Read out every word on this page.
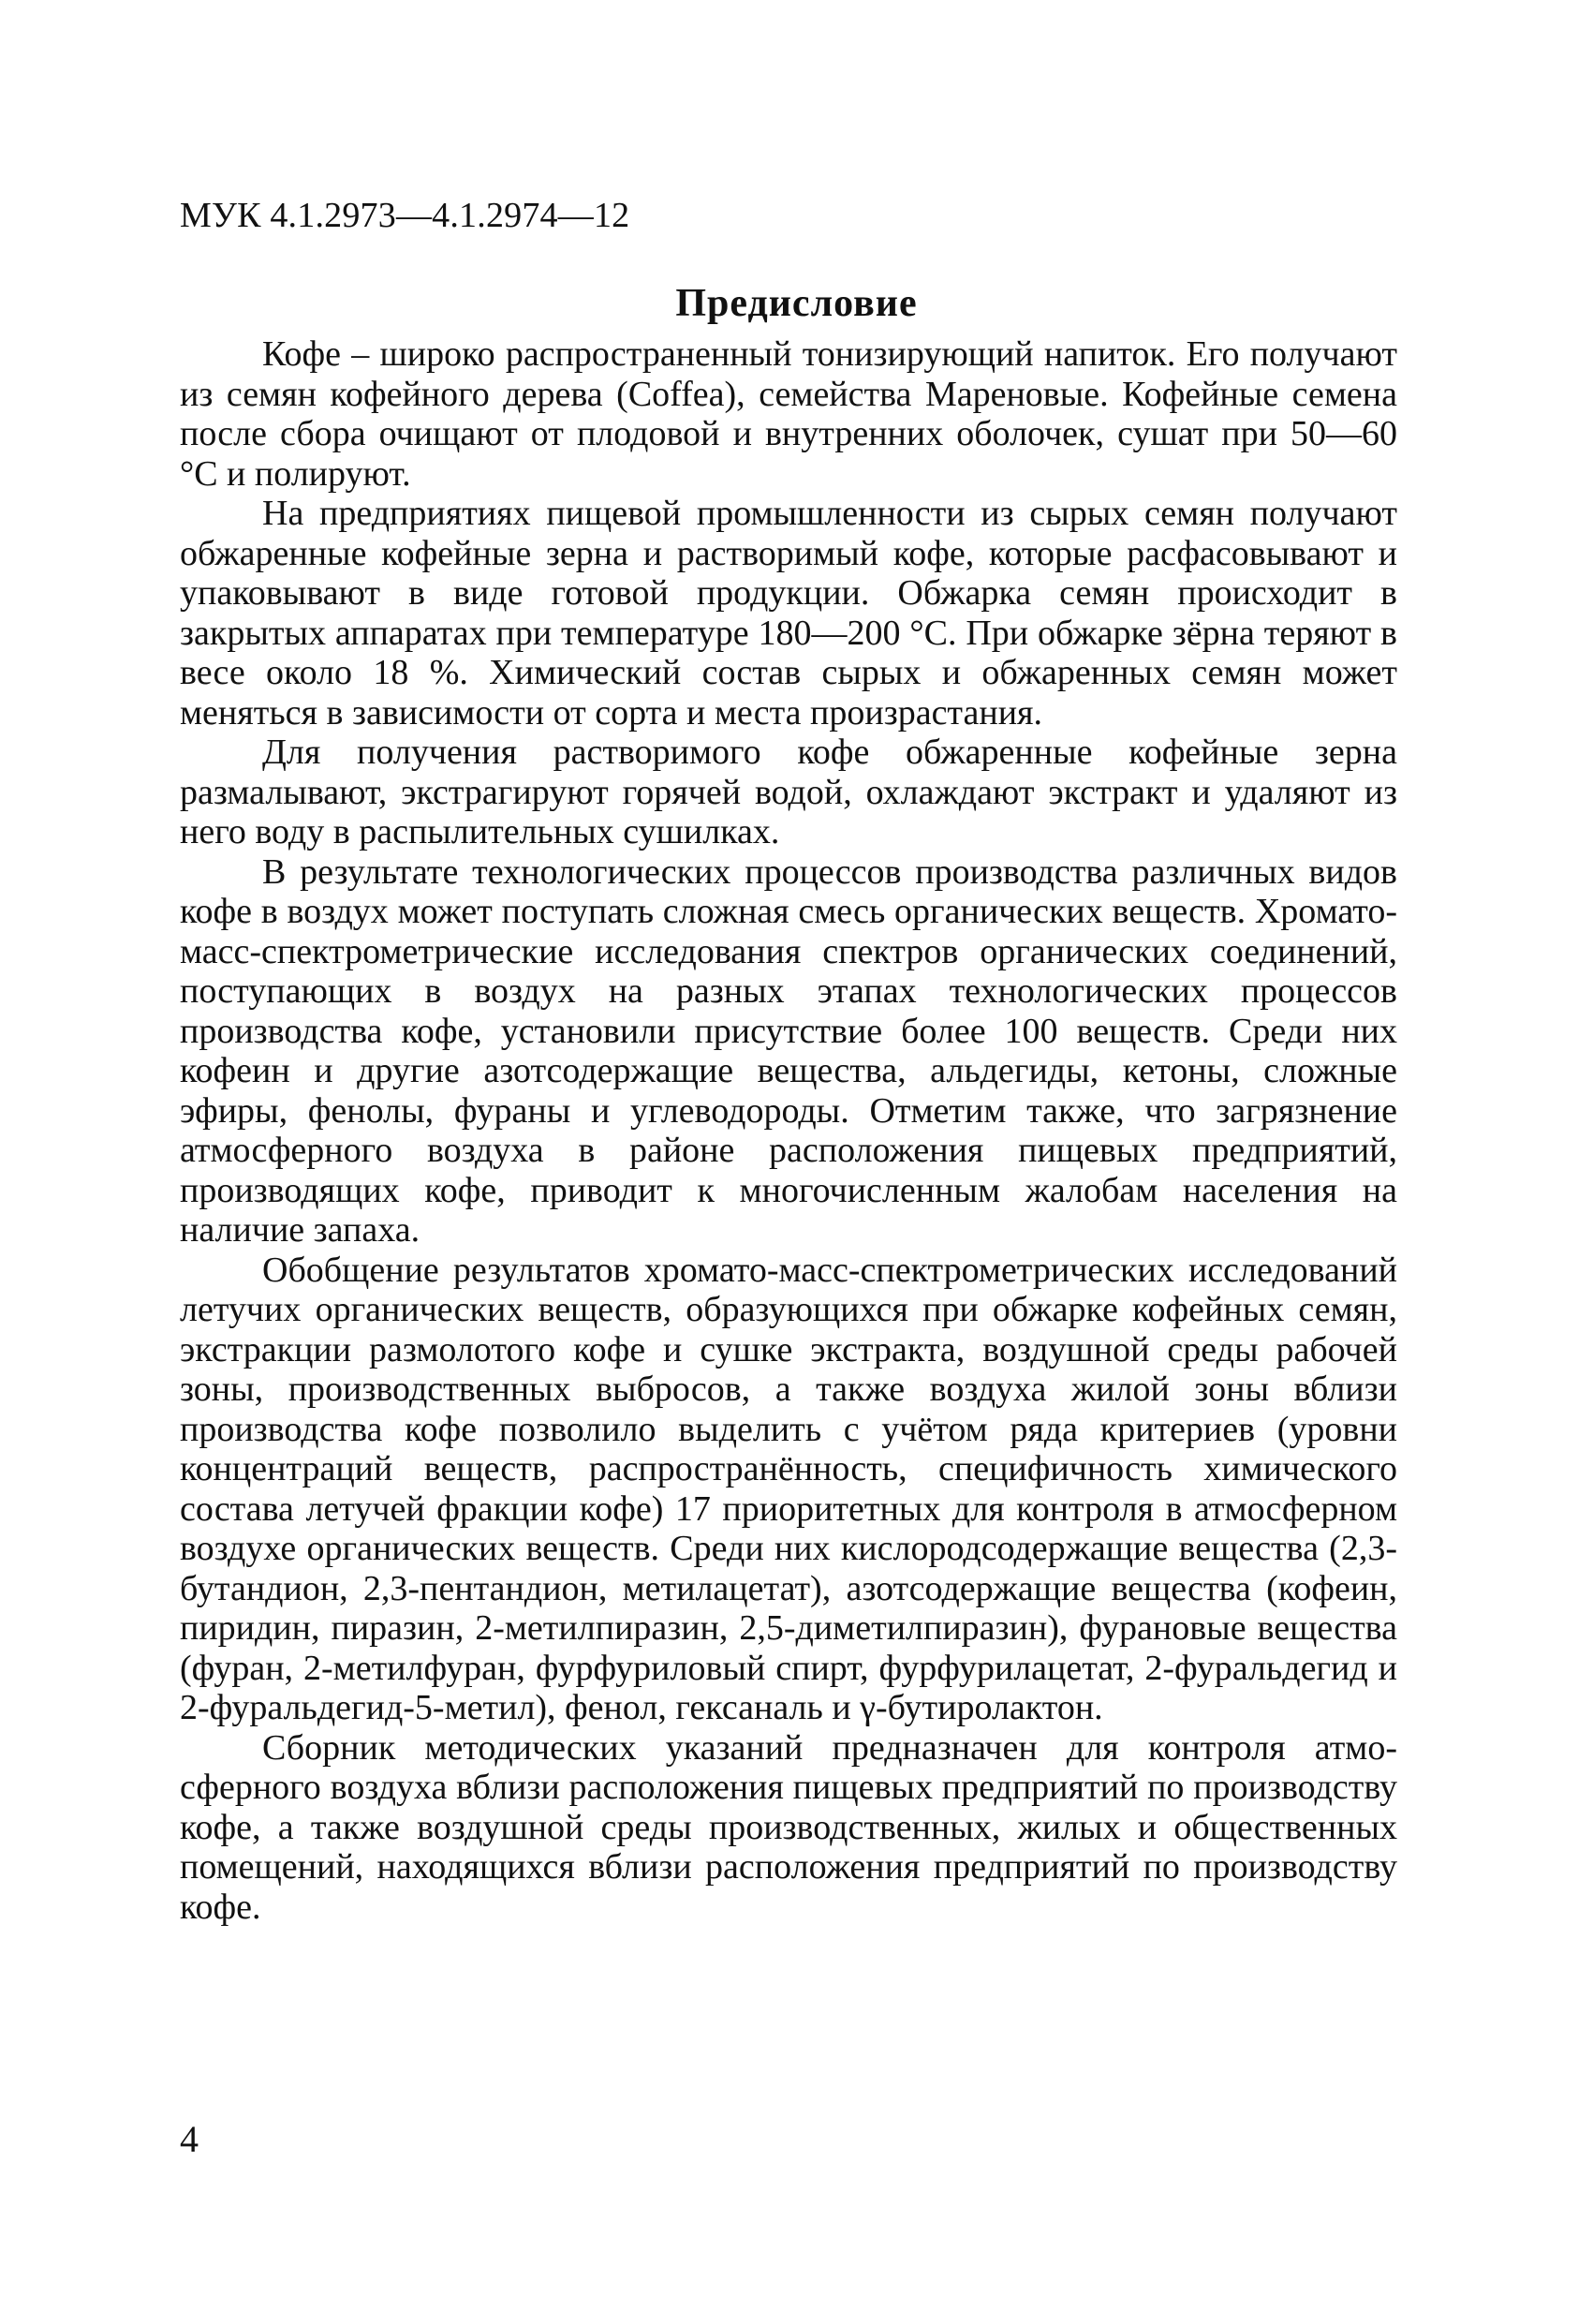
МУК 4.1.2973—4.1.2974—12
Предисловие

Кофе – широко распространенный тонизирующий напиток. Его получают из семян кофейного дерева (Coffea), семейства Мареновые. Кофейные семена после сбора очищают от плодовой и внутренних оболочек, сушат при 50—60 °С и полируют.

На предприятиях пищевой промышленности из сырых семян получают обжаренные кофейные зерна и растворимый кофе, которые расфасовывают и упаковывают в виде готовой продукции. Обжарка семян происходит в закрытых аппаратах при температуре 180—200 °С. При обжарке зёрна теряют в весе около 18 %. Химический состав сырых и обжаренных семян может меняться в зависимости от сорта и места произрастания.

Для получения растворимого кофе обжаренные кофейные зерна размалывают, экстрагируют горячей водой, охлаждают экстракт и удаляют из него воду в распылительных сушилках.

В результате технологических процессов производства различных видов кофе в воздух может поступать сложная смесь органических веществ. Хромато-масс-спектрометрические исследования спектров органических соединений, поступающих в воздух на разных этапах технологических процессов производства кофе, установили присутствие более 100 веществ. Среди них кофеин и другие азотсодержащие вещества, альдегиды, кетоны, сложные эфиры, фенолы, фураны и углеводороды. Отметим также, что загрязнение атмосферного воздуха в районе расположения пищевых предприятий, производящих кофе, приводит к многочисленным жалобам населения на наличие запаха.

Обобщение результатов хромато-масс-спектрометрических исследований летучих органических веществ, образующихся при обжарке кофейных семян, экстракции размолотого кофе и сушке экстракта, воздушной среды рабочей зоны, производственных выбросов, а также воздуха жилой зоны вблизи производства кофе позволило выделить с учётом ряда критериев (уровни концентраций веществ, распространённость, специфичность химического состава летучей фракции кофе) 17 приоритетных для контроля в атмосферном воздухе органических веществ. Среди них кислородсодержащие вещества (2,3-бутандион, 2,3-пентандион, метилацетат), азотсодержащие вещества (кофеин, пиридин, пиразин, 2-метилпиразин, 2,5-диметилпиразин), фурановые вещества (фуран, 2-метилфуран, фурфуриловый спирт, фурфурилацетат, 2-фуральдегид и 2-фуральдегид-5-метил), фенол, гексаналь и γ-бутиролактон.

Сборник методических указаний предназначен для контроля атмосферного воздуха вблизи расположения пищевых предприятий по производству кофе, а также воздушной среды производственных, жилых и общественных помещений, находящихся вблизи расположения предприятий по производству кофе.

4
